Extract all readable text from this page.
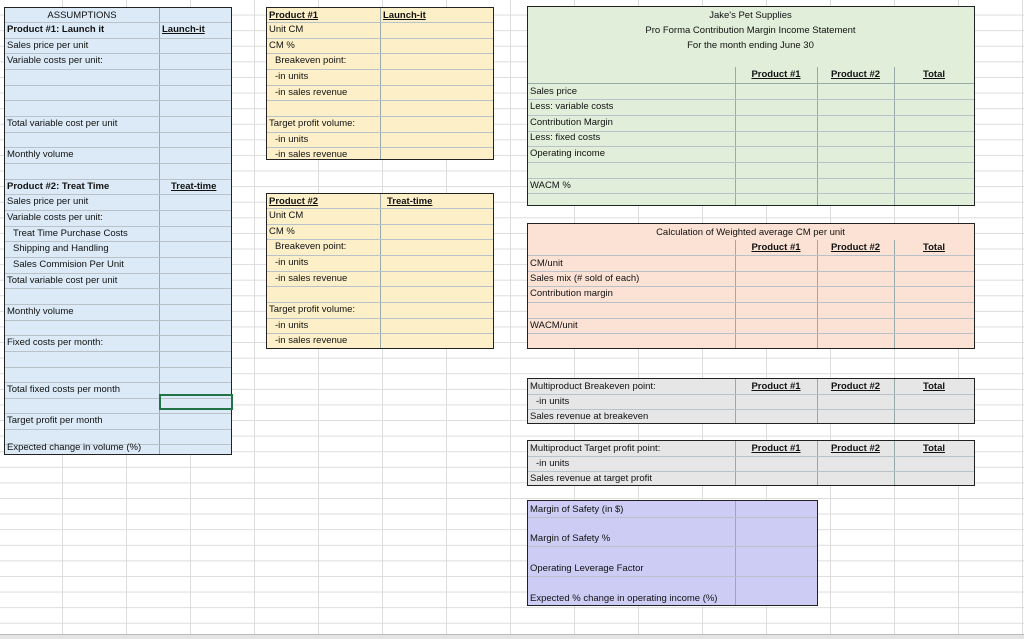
ASSUMPTIONS
Product #1: Launch it	Launch-it
Sales price per unit
Variable costs per unit:
Total variable cost per unit
Monthly volume
Product #2: Treat Time	Treat-time
Sales price per unit
Variable costs per unit:
Treat Time Purchase Costs
Shipping and Handling
Sales Commision Per Unit
Total variable cost per unit
Monthly volume
Fixed costs per month:
Total fixed costs per month
Target profit per month
Expected change in volume (%)
Product #1	Launch-it
Unit CM
CM %
Breakeven point:
-in units
-in sales revenue
Target profit volume:
-in units
-in sales revenue
Product #2	Treat-time
Unit CM
CM %
Breakeven point:
-in units
-in sales revenue
Target profit volume:
-in units
-in sales revenue
Jake's Pet Supplies
Pro Forma Contribution Margin Income Statement
For the month ending June 30
Product #1	Product #2	Total
Sales price
Less: variable costs
Contribution Margin
Less: fixed costs
Operating income
WACM %
Calculation of Weighted average CM per unit
Product #1	Product #2	Total
CM/unit
Sales mix (# sold of each)
Contribution margin
WACM/unit
Multiproduct Breakeven point:	Product #1	Product #2	Total
-in units
Sales revenue at breakeven
Multiproduct Target profit point:	Product #1	Product #2	Total
-in units
Sales revenue at target profit
Margin of Safety (in $)
Margin of Safety %
Operating Leverage Factor
Expected % change in operating income (%)
